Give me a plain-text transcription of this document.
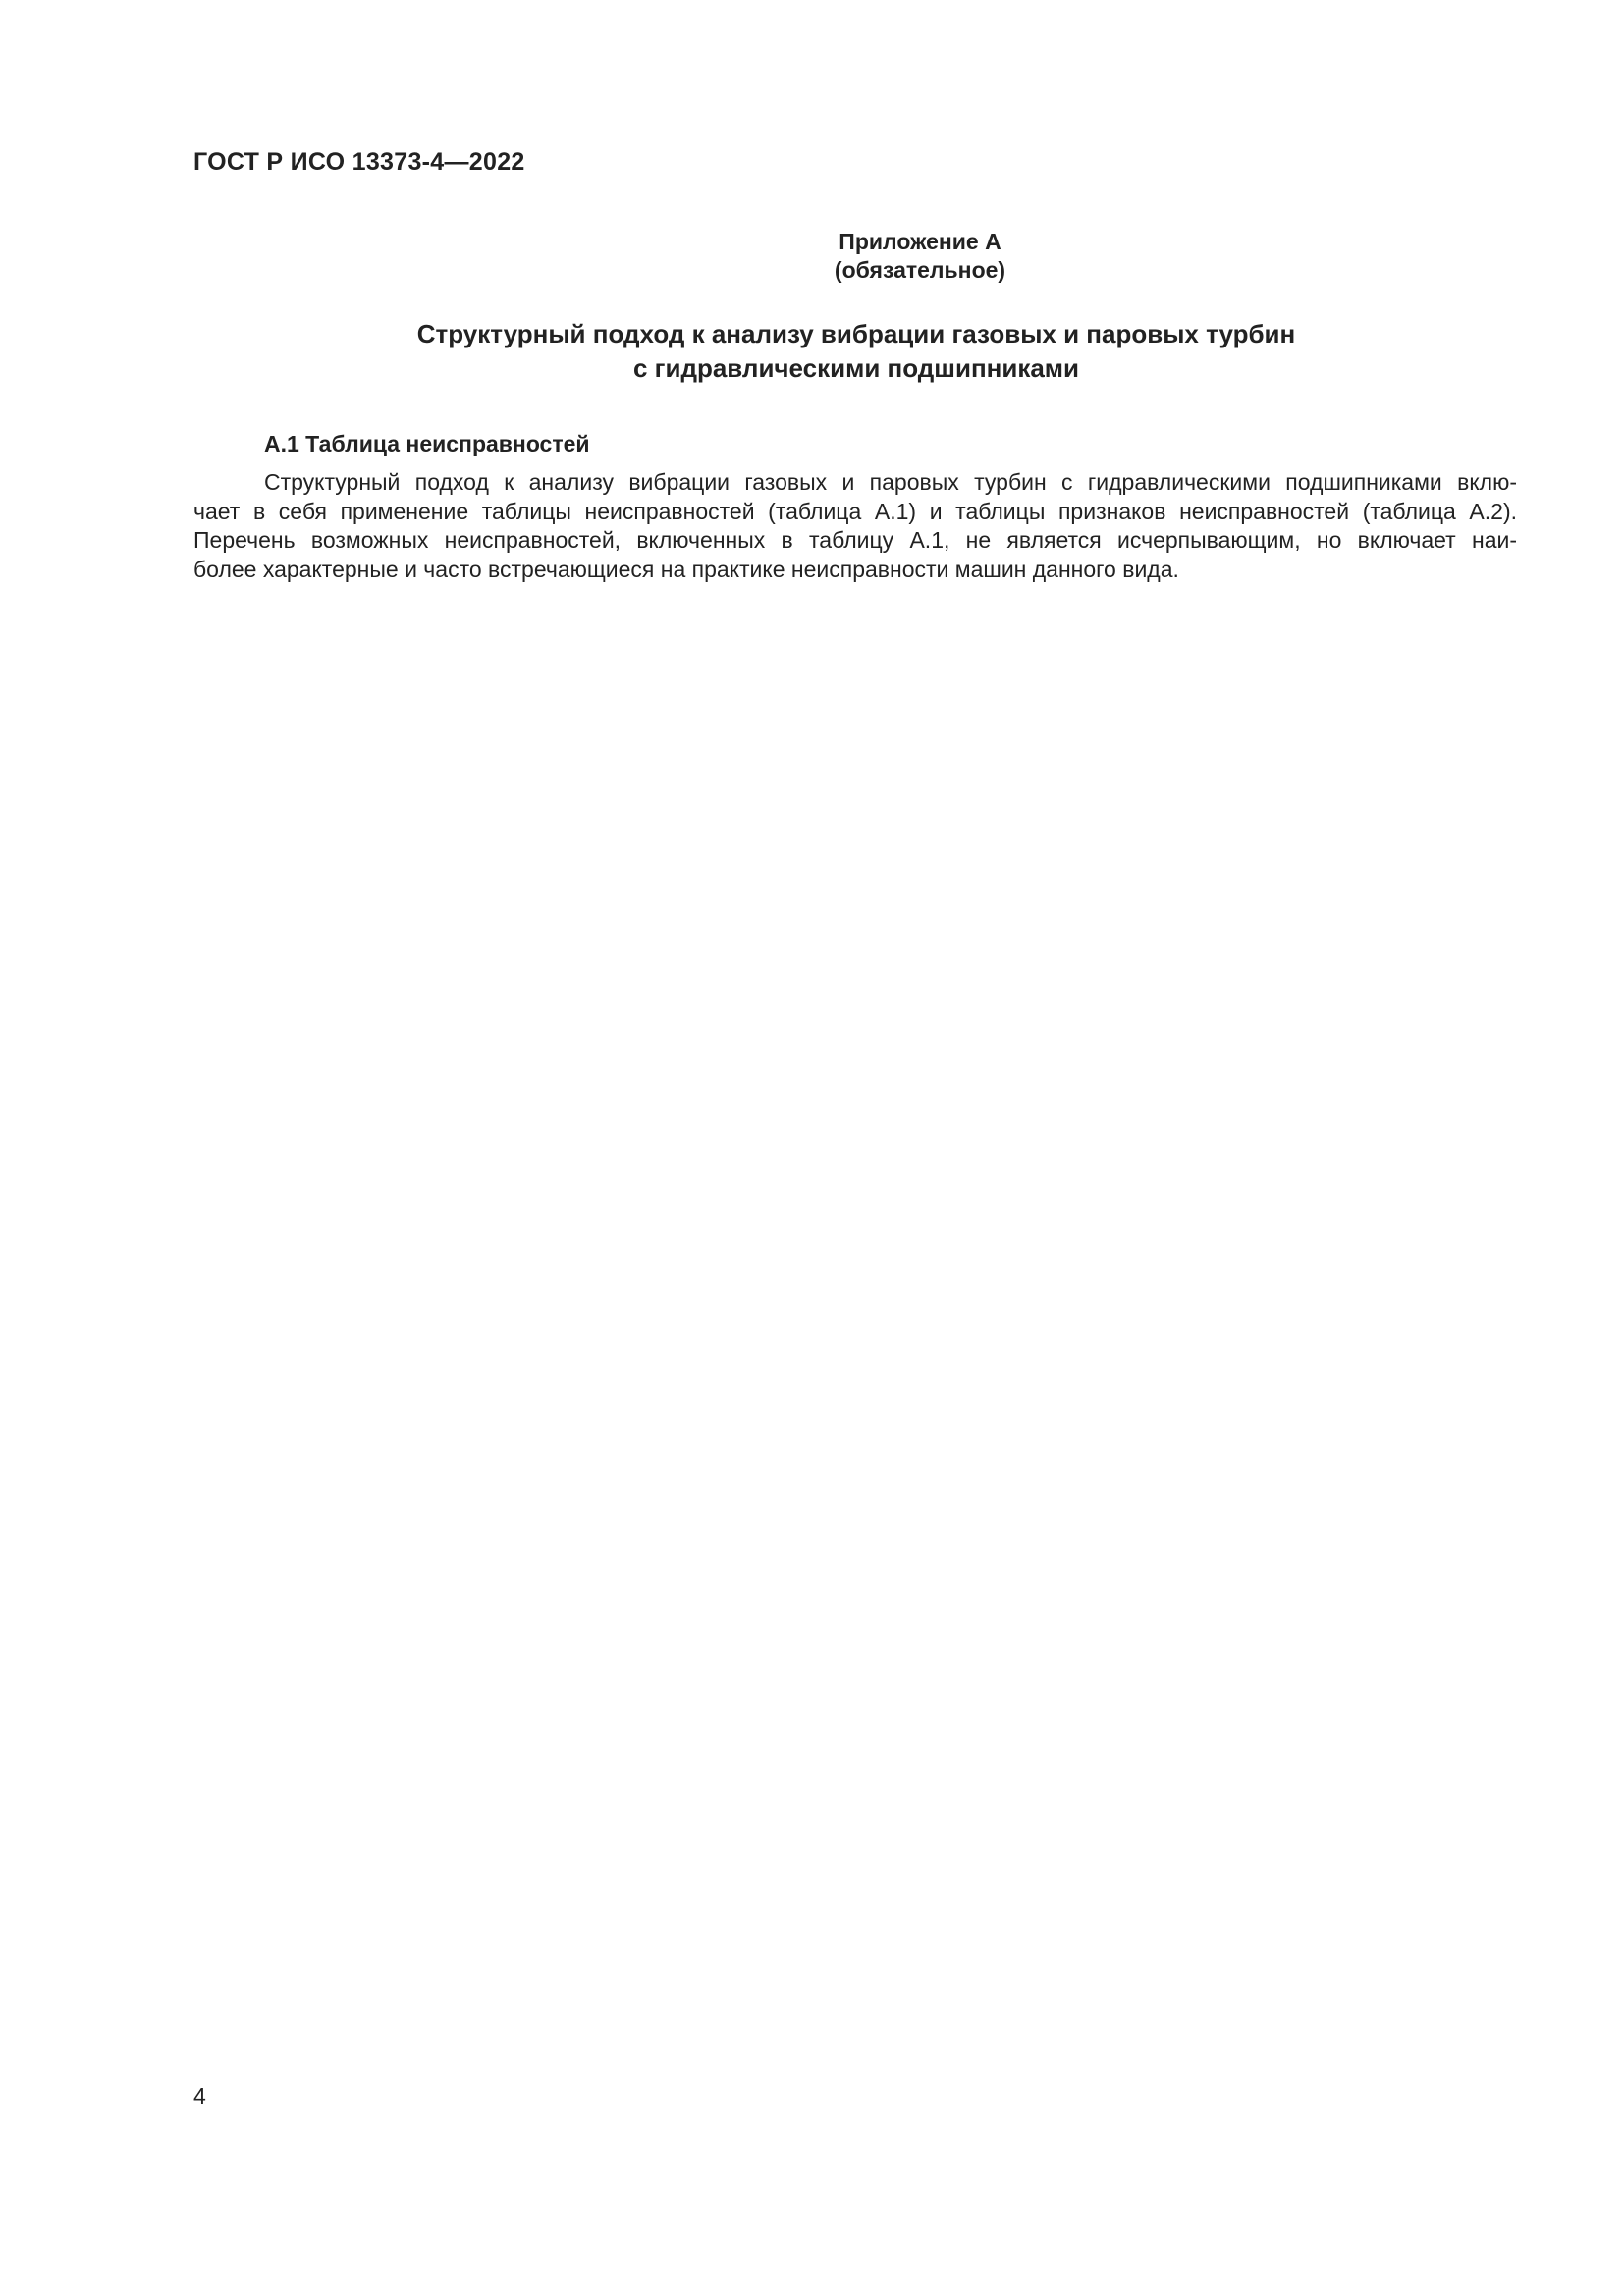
ГОСТ Р ИСО 13373-4—2022
Приложение А
(обязательное)
Структурный подход к анализу вибрации газовых и паровых турбин
с гидравлическими подшипниками
А.1 Таблица неисправностей
Структурный подход к анализу вибрации газовых и паровых турбин с гидравлическими подшипниками вклю-
чает в себя применение таблицы неисправностей (таблица А.1) и таблицы признаков неисправностей (таблица А.2).
Перечень возможных неисправностей, включенных в таблицу А.1, не является исчерпывающим, но включает наи-
более характерные и часто встречающиеся на практике неисправности машин данного вида.
4
